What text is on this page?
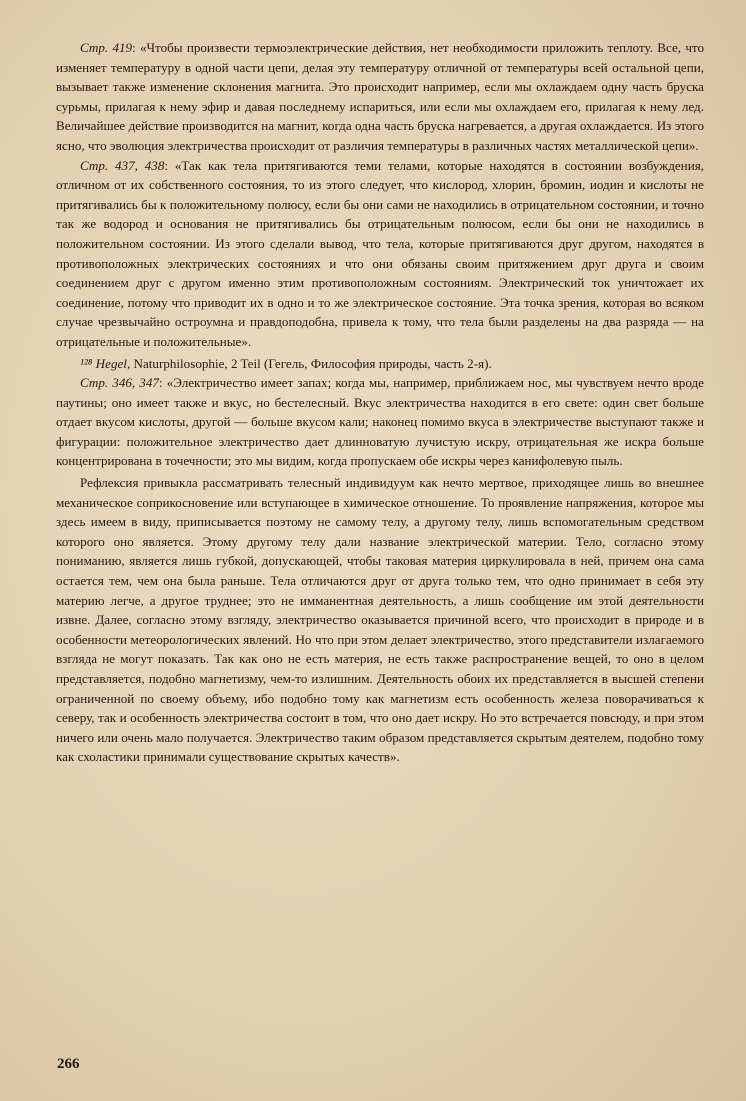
Стр. 419: «Чтобы произвести термоэлектрические действия, нет необходимости приложить теплоту. Все, что изменяет температуру в одной части цепи, делая эту температуру отличной от температуры всей остальной цепи, вызывает также изменение склонения магнита. Это происходит например, если мы охлаждаем одну часть бруска сурьмы, прилагая к нему эфир и давая последнему испариться, или если мы охлаждаем его, прилагая к нему лед. Величайшее действие производится на магнит, когда одна часть бруска нагревается, а другая охлаждается. Из этого ясно, что эволюция электричества происходит от различия температуры в различных частях металлической цепи».

Стр. 437, 438: «Так как тела притягиваются теми телами, которые находятся в состоянии возбуждения, отличном от их собственного состояния, то из этого следует, что кислород, хлорин, бромин, иодин и кислоты не притягивались бы к положительному полюсу, если бы они сами не находились в отрицательном состоянии, и точно так же водород и основания не притягивались бы отрицательным полюсом, если бы они не находились в положительном состоянии. Из этого сделали вывод, что тела, которые притягиваются друг другом, находятся в противоположных электрических состояниях и что они обязаны своим притяжением друг друга и своим соединением друг с другом именно этим противоположным состояниям. Электрический ток уничтожает их соединение, потому что приводит их в одно и то же электрическое состояние. Эта точка зрения, которая во всяком случае чрезвычайно остроумна и правдоподобна, привела к тому, что тела были разделены на два разряда — на отрицательные и положительные».

¹²⁸ Hegel, Naturphilosophie, 2 Teil (Гегель, Философия природы, часть 2-я).

Стр. 346, 347: «Электричество имеет запах; когда мы, например, приближаем нос, мы чувствуем нечто вроде паутины; оно имеет также и вкус, но бестелесный. Вкус электричества находится в его свете: один свет больше отдает вкусом кислоты, другой — больше вкусом кали; наконец помимо вкуса в электричестве выступают также и фигурации: положительное электричество дает длинноватую лучистую искру, отрицательная же искра больше концентрирована в точечности; это мы видим, когда пропускаем обе искры через канифолевую пыль.

Рефлексия привыкла рассматривать телесный индивидуум как нечто мертвое, приходящее лишь во внешнее механическое соприкосновение или вступающее в химическое отношение. То проявление напряжения, которое мы здесь имеем в виду, приписывается поэтому не самому телу, а другому телу, лишь вспомогательным средством которого оно является. Этому другому телу дали название электрической материи. Тело, согласно этому пониманию, является лишь губкой, допускающей, чтобы таковая материя циркулировала в ней, причем она сама остается тем, чем она была раньше. Тела отличаются друг от друга только тем, что одно принимает в себя эту материю легче, а другое труднее; это не имманентная деятельность, а лишь сообщение им этой деятельности извне. Далее, согласно этому взгляду, электричество оказывается причиной всего, что происходит в природе и в особенности метеорологических явлений. Но что при этом делает электричество, этого представители излагаемого взгляда не могут показать. Так как оно не есть материя, не есть также распространение вещей, то оно в целом представляется, подобно магнетизму, чем-то излишним. Деятельность обоих их представляется в высшей степени ограниченной по своему объему, ибо подобно тому как магнетизм есть особенность железа поворачиваться к северу, так и особенность электричества состоит в том, что оно дает искру. Но это встречается повсюду, и при этом ничего или очень мало получается. Электричество таким образом представляется скрытым деятелем, подобно тому как схоластики принимали существование скрытых качеств».

266
